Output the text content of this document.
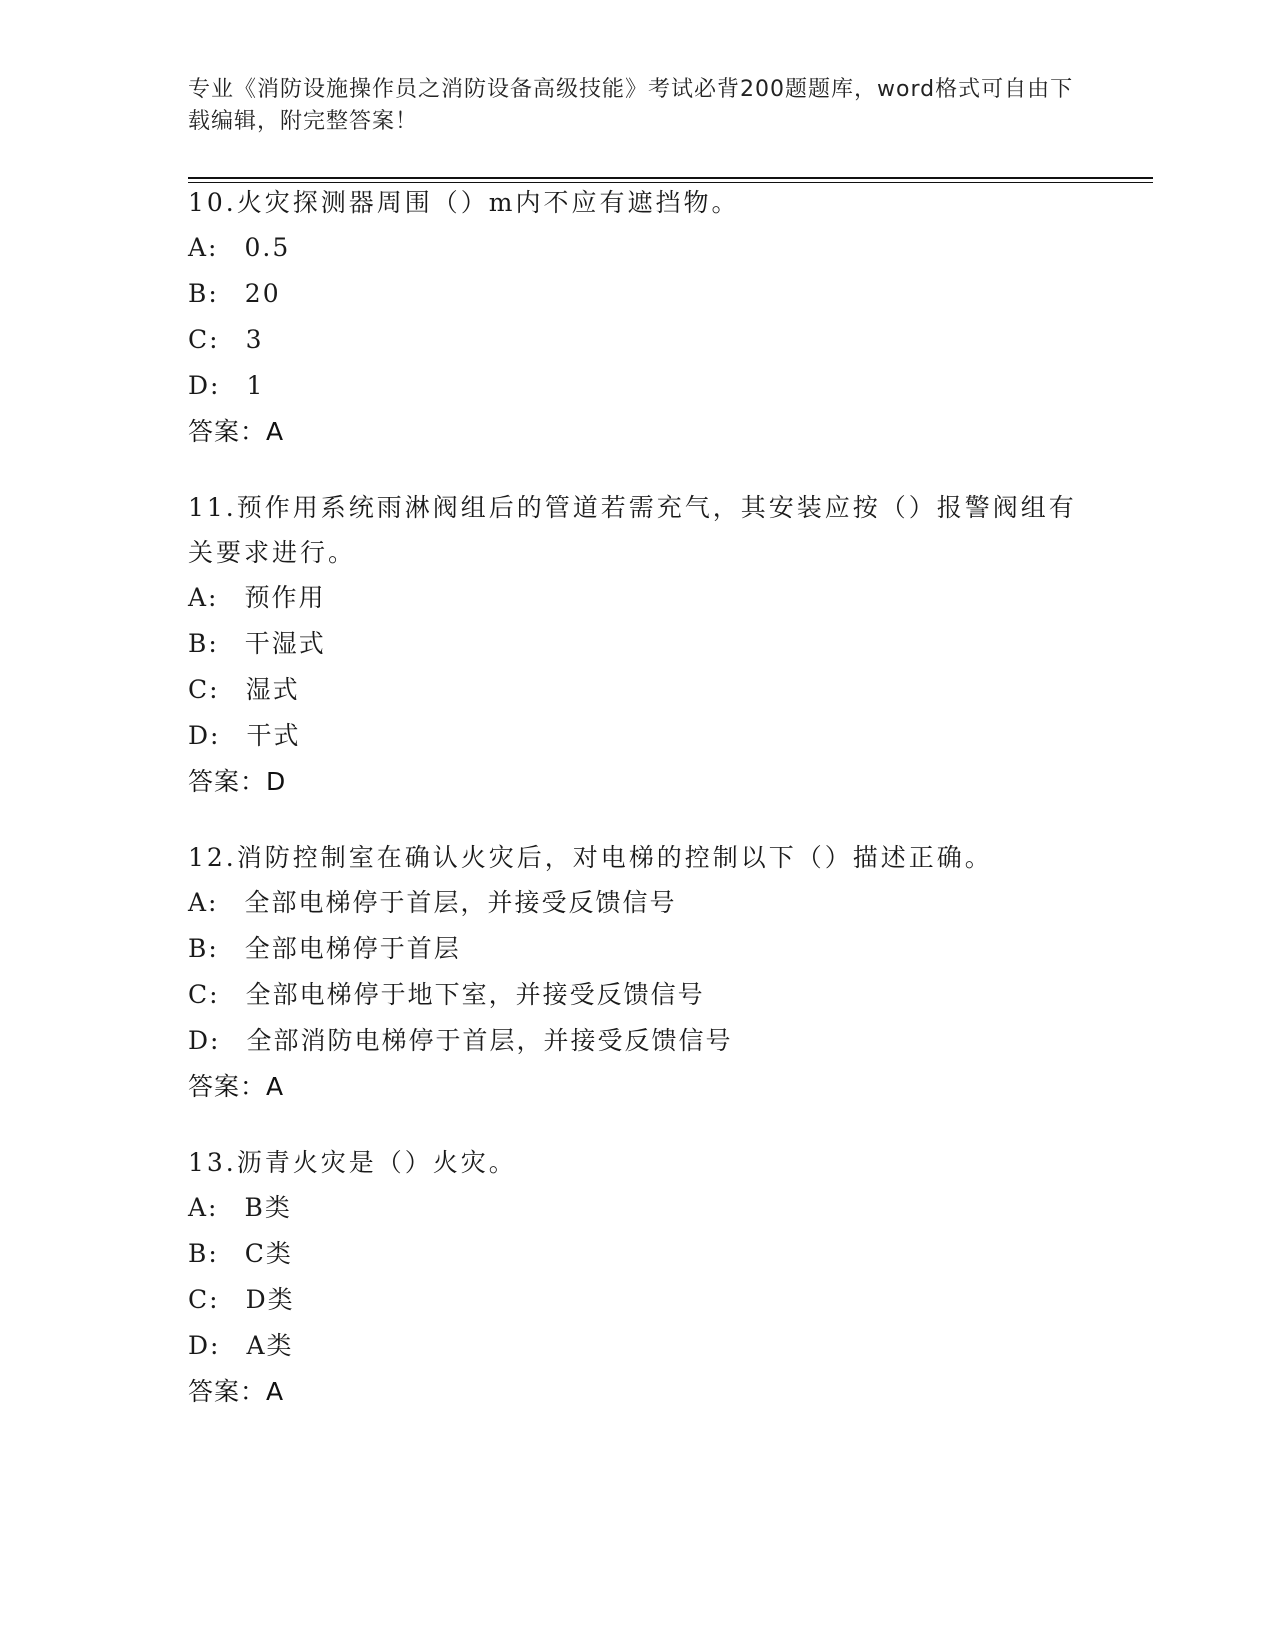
专业《消防设施操作员之消防设备高级技能》考试必背200题题库，word格式可自由下载编辑，附完整答案！

10.火灾探测器周围（）m内不应有遮挡物。

A: 0.5
B: 20
C: 3
D: 1
答案：A

11.预作用系统雨淋阀组后的管道若需充气，其安装应按（）报警阀组有关要求进行。

A: 预作用
B: 干湿式
C: 湿式
D: 干式
答案：D

12.消防控制室在确认火灾后，对电梯的控制以下（）描述正确。

A: 全部电梯停于首层，并接受反馈信号
B: 全部电梯停于首层
C: 全部电梯停于地下室，并接受反馈信号
D: 全部消防电梯停于首层，并接受反馈信号
答案：A

13.沥青火灾是（）火灾。

A: B类
B: C类
C: D类
D: A类
答案：A
